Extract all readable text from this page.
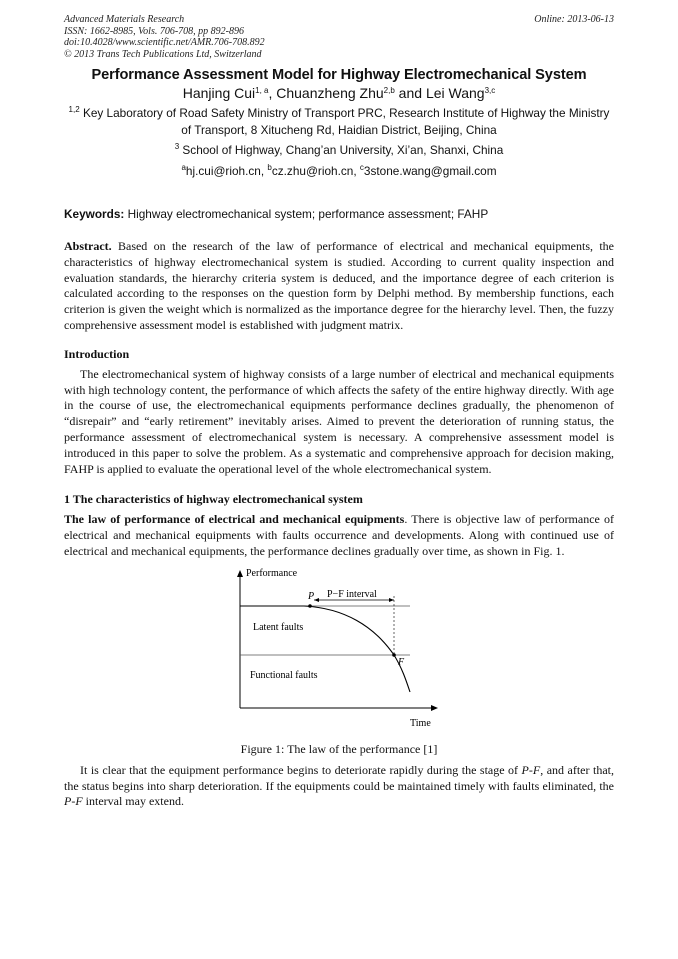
Advanced Materials Research
ISSN: 1662-8985, Vols. 706-708, pp 892-896
doi:10.4028/www.scientific.net/AMR.706-708.892
© 2013 Trans Tech Publications Ltd, Switzerland
Online: 2013-06-13
Performance Assessment Model for Highway Electromechanical System
Hanjing Cui$^{1, a}$, Chuanzheng Zhu$^{2,b}$ and Lei Wang$^{3,c}$
$^{1,2}$ Key Laboratory of Road Safety Ministry of Transport PRC, Research Institute of Highway the Ministry of Transport, 8 Xitucheng Rd, Haidian District, Beijing, China
$^3$ School of Highway, Chang’an University, Xi’an, Shanxi, China
$^a$hj.cui@rioh.cn, $^b$cz.zhu@rioh.cn, $^c$3stone.wang@gmail.com
Keywords: Highway electromechanical system; performance assessment; FAHP

Abstract. Based on the research of the law of performance of electrical and mechanical equipments, the characteristics of highway electromechanical system is studied. According to current quality inspection and evaluation standards, the hierarchy criteria system is deduced, and the importance degree of each criterion is calculated according to the responses on the question form by Delphi method. By membership functions, each criterion is given the weight which is normalized as the importance degree for the hierarchy level. Then, the fuzzy comprehensive assessment model is established with judgment matrix.

Introduction

The electromechanical system of highway consists of a large number of electrical and mechanical equipments with high technology content, the performance of which affects the safety of the entire highway directly. With age in the course of use, the electromechanical equipments performance declines gradually, the phenomenon of “disrepair” and “early retirement” inevitably arises. Aimed to prevent the deterioration of running status, the performance assessment of electromechanical system is necessary. A comprehensive assessment model is introduced in this paper to solve the problem. As a systematic and comprehensive approach for decision making, FAHP is applied to evaluate the operational level of the whole electromechanical system.

1 The characteristics of highway electromechanical system

The law of performance of electrical and mechanical equipments. There is objective law of performance of electrical and mechanical equipments with faults occurrence and developments. Along with continued use of electrical and mechanical equipments, the performance declines gradually over time, as shown in Fig. 1.

Performance
Time
P P−F interval
F
Latent faults
Functional faults
Figure 1: The law of the performance [1]

It is clear that the equipment performance begins to deteriorate rapidly during the stage of P-F, and after that, the status begins into sharp deterioration. If the equipments could be maintained timely with faults eliminated, the P-F interval may extend.
